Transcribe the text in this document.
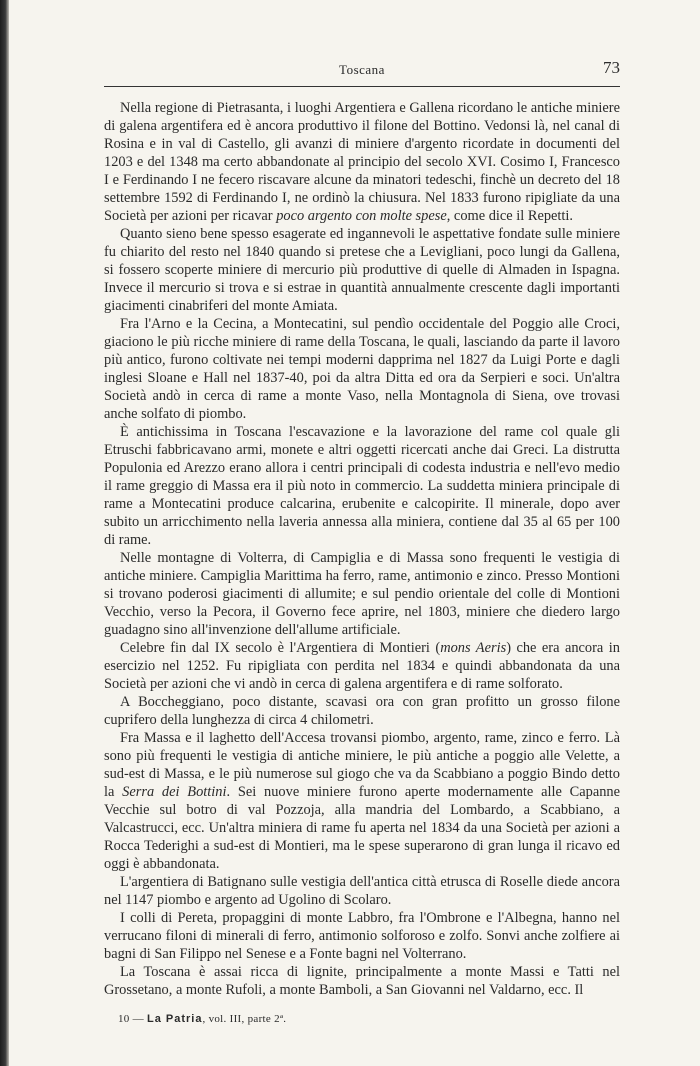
Toscana	73

Nella regione di Pietrasanta, i luoghi Argentiera e Gallena ricordano le antiche miniere di galena argentifera ed è ancora produttivo il filone del Bottino. Vedonsi là, nel canal di Rosina e in val di Castello, gli avanzi di miniere d'argento ricordate in documenti del 1203 e del 1348 ma certo abbandonate al principio del secolo XVI. Cosimo I, Francesco I e Ferdinando I ne fecero riscavare alcune da minatori tedeschi, finchè un decreto del 18 settembre 1592 di Ferdinando I, ne ordinò la chiusura. Nel 1833 furono ripigliate da una Società per azioni per ricavar poco argento con molte spese, come dice il Repetti.

Quanto sieno bene spesso esagerate ed ingannevoli le aspettative fondate sulle miniere fu chiarito del resto nel 1840 quando si pretese che a Levigliani, poco lungi da Gallena, si fossero scoperte miniere di mercurio più produttive di quelle di Almaden in Ispagna. Invece il mercurio si trova e si estrae in quantità annualmente crescente dagli importanti giacimenti cinabriferi del monte Amiata.

Fra l'Arno e la Cecina, a Montecatini, sul pendìo occidentale del Poggio alle Croci, giaciono le più ricche miniere di rame della Toscana, le quali, lasciando da parte il lavoro più antico, furono coltivate nei tempi moderni dapprima nel 1827 da Luigi Porte e dagli inglesi Sloane e Hall nel 1837-40, poi da altra Ditta ed ora da Serpieri e soci. Un'altra Società andò in cerca di rame a monte Vaso, nella Montagnola di Siena, ove trovasi anche solfato di piombo.

È antichissima in Toscana l'escavazione e la lavorazione del rame col quale gli Etruschi fabbricavano armi, monete e altri oggetti ricercati anche dai Greci. La distrutta Populonia ed Arezzo erano allora i centri principali di codesta industria e nell'evo medio il rame greggio di Massa era il più noto in commercio. La suddetta miniera principale di rame a Montecatini produce calcarina, erubenite e calcopirite. Il minerale, dopo aver subito un arricchimento nella laveria annessa alla miniera, contiene dal 35 al 65 per 100 di rame.

Nelle montagne di Volterra, di Campiglia e di Massa sono frequenti le vestigia di antiche miniere. Campiglia Marittima ha ferro, rame, antimonio e zinco. Presso Montioni si trovano poderosi giacimenti di allumite; e sul pendio orientale del colle di Montioni Vecchio, verso la Pecora, il Governo fece aprire, nel 1803, miniere che diedero largo guadagno sino all'invenzione dell'allume artificiale.

Celebre fin dal IX secolo è l'Argentiera di Montieri (mons Aeris) che era ancora in esercizio nel 1252. Fu ripigliata con perdita nel 1834 e quindi abbandonata da una Società per azioni che vi andò in cerca di galena argentifera e di rame solforato.

A Boccheggiano, poco distante, scavasi ora con gran profitto un grosso filone cuprifero della lunghezza di circa 4 chilometri.

Fra Massa e il laghetto dell'Accesa trovansi piombo, argento, rame, zinco e ferro. Là sono più frequenti le vestigia di antiche miniere, le più antiche a poggio alle Velette, a sud-est di Massa, e le più numerose sul giogo che va da Scabbiano a poggio Bindo detto la Serra dei Bottini. Sei nuove miniere furono aperte modernamente alle Capanne Vecchie sul botro di val Pozzoja, alla mandria del Lombardo, a Scabbiano, a Valcastrucci, ecc. Un'altra miniera di rame fu aperta nel 1834 da una Società per azioni a Rocca Tederighi a sud-est di Montieri, ma le spese superarono di gran lunga il ricavo ed oggi è abbandonata.

L'argentiera di Batignano sulle vestigia dell'antica città etrusca di Roselle diede ancora nel 1147 piombo e argento ad Ugolino di Scolaro.

I colli di Pereta, propaggini di monte Labbro, fra l'Ombrone e l'Albegna, hanno nel verrucano filoni di minerali di ferro, antimonio solforoso e zolfo. Sonvi anche zolfiere ai bagni di San Filippo nel Senese e a Fonte bagni nel Volterrano.

La Toscana è assai ricca di lignite, principalmente a monte Massi e Tatti nel Grossetano, a monte Rufoli, a monte Bamboli, a San Giovanni nel Valdarno, ecc. Il

10 — La Patria, vol. III, parte 2ª.
